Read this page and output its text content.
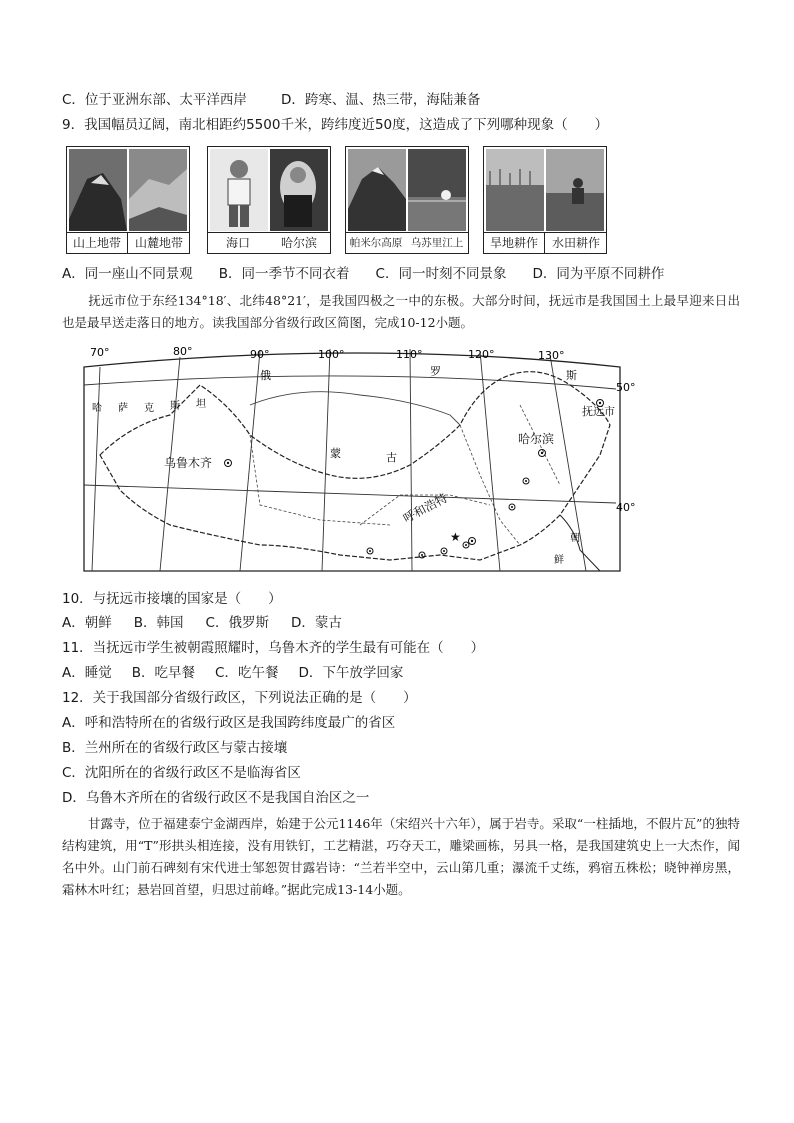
C．位于亚洲东部、太平洋西岸	D．跨寒、温、热三带，海陆兼备
9．我国幅员辽阔，南北相距约5500千米，跨纬度近50度，这造成了下列哪种现象（　　）
山上地带	山麓地带	海口	哈尔滨	帕米尔高原 乌苏里江上	旱地耕作	水田耕作
A．同一座山不同景观 B．同一季节不同衣着 C．同一时刻不同景象 D．同为平原不同耕作
抚远市位于东经134°18′、北纬48°21′，是我国四极之一中的东极。大部分时间，抚远市是我国国土上最早迎来日出也是最早送走落日的地方。读我国部分省级行政区简图，完成10-12小题。
★
70°	80°	90°	100°	110°	120°	130°
50°
40°
俄	罗	斯
哈 萨 克 斯 坦
蒙	古
朝
鲜
乌鲁木齐
哈尔滨
呼和浩特
抚远市
10．与抚远市接壤的国家是（　　）
A．朝鲜 B．韩国 C．俄罗斯 D．蒙古
11．当抚远市学生被朝霞照耀时，乌鲁木齐的学生最有可能在（　　）
A．睡觉 B．吃早餐 C．吃午餐 D．下午放学回家
12．关于我国部分省级行政区，下列说法正确的是（　　）
A．呼和浩特所在的省级行政区是我国跨纬度最广的省区
B．兰州所在的省级行政区与蒙古接壤
C．沈阳所在的省级行政区不是临海省区
D．乌鲁木齐所在的省级行政区不是我国自治区之一
甘露寺，位于福建泰宁金湖西岸，始建于公元1146年（宋绍兴十六年），属于岩寺。采取“一柱插地，不假片瓦”的独特结构建筑，用“T”形拱头相连接，没有用铁钉，工艺精湛，巧夺天工，雕梁画栋，另具一格，是我国建筑史上一大杰作，闻名中外。山门前石碑刻有宋代进士邹恕贺甘露岩诗：“兰若半空中，云山第几重；瀑流千丈练，鸦宿五株松；晓钟禅房黑，霜林木叶红；悬岩回首望，归思过前峰。”据此完成13-14小题。
